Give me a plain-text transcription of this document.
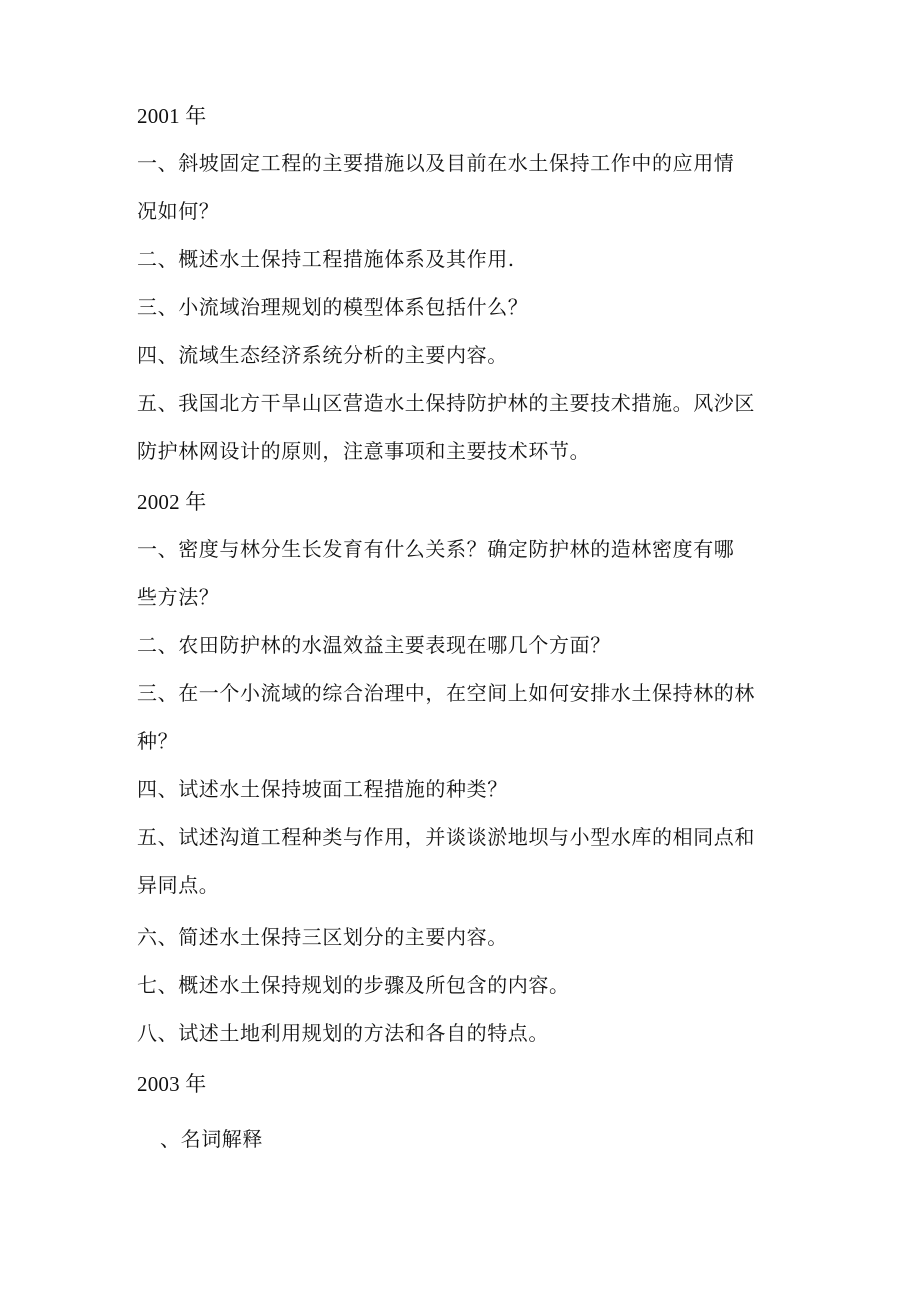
2001 年
一、斜坡固定工程的主要措施以及目前在水土保持工作中的应用情
况如何？
二、概述水土保持工程措施体系及其作用.
三、小流域治理规划的模型体系包括什么？
四、流域生态经济系统分析的主要内容。
五、我国北方干旱山区营造水土保持防护林的主要技术措施。风沙区
防护林网设计的原则，注意事项和主要技术环节。
2002 年
一、密度与林分生长发育有什么关系？确定防护林的造林密度有哪
些方法？
二、农田防护林的水温效益主要表现在哪几个方面？
三、在一个小流域的综合治理中，在空间上如何安排水土保持林的林
种？
四、试述水土保持坡面工程措施的种类？
五、试述沟道工程种类与作用，并谈谈淤地坝与小型水库的相同点和
异同点。
六、简述水土保持三区划分的主要内容。
七、概述水土保持规划的步骤及所包含的内容。
八、试述土地利用规划的方法和各自的特点。
2003 年
、名词解释
